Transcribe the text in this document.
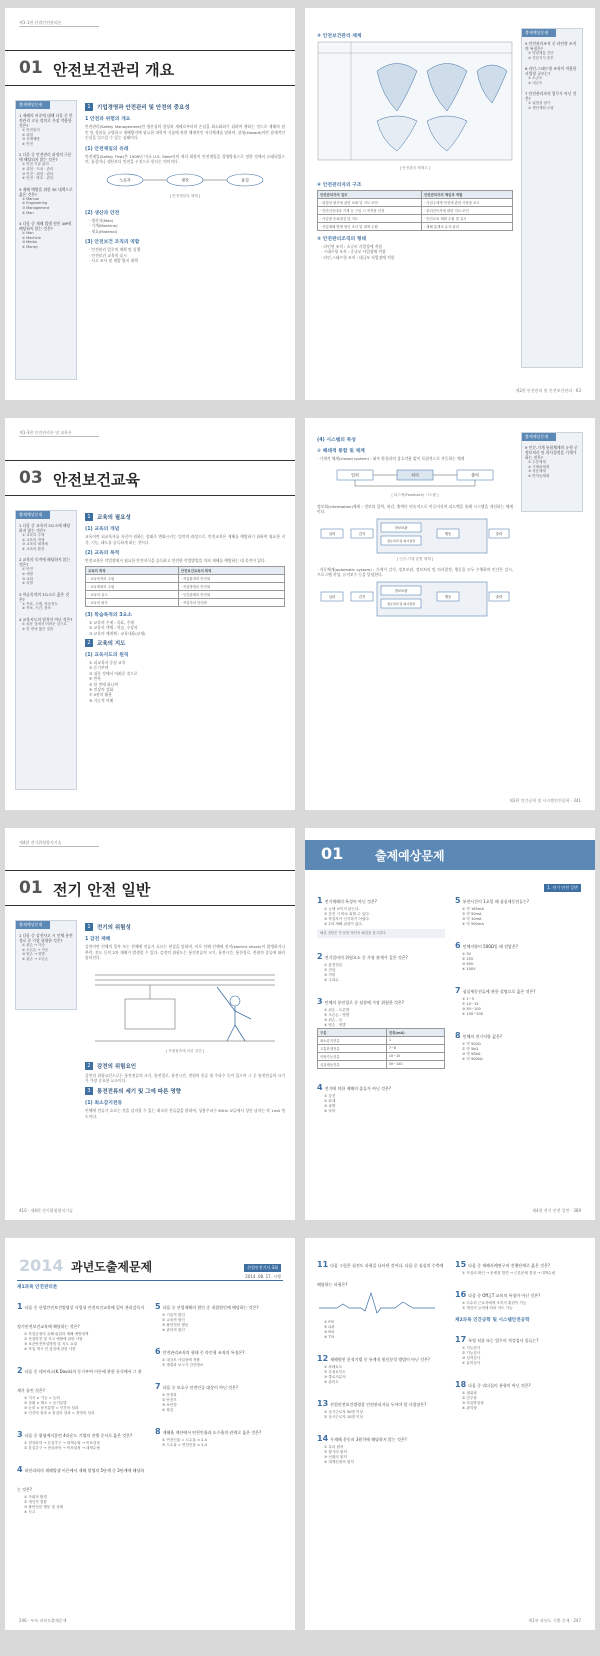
제1-1편 산업안전관리론
01 안전보건관리 개요
출제예상문제
1 재해의 비중에 대해 다음 중 안전관리 고유 정의로 가장 적합한 것은?
① 안전관리
② 위험
③ 산재예방
④ 안전
2 다음 중 안전관리 과정의 구분에 해당되지 않는 것은?
① 안전 기술 관리
② 위험 · 조치 · 관리
③ 안전 · 위험 · 관리
④ 안전 · 방호 · 관리
3 재해 예방을 위한 3E 대책으로 옳은 것은?
① Manual
② Engineering
③ Management
④ Man
4 다음 중 재해 발생 원인 4M에 해당하지 않는 것은?
① Man
② Machine
③ Media
④ Money
1	기업경영과 안전관리 및 안전의 중요성
1 안전과 위험의 개요
안전관리(Safety Management)란 생산성의 향상과 재해로부터의 손실을 최소화하기 위하여 행하는 것으로 재해의 원인 및 경과를 규명하고 재해방지에 필요한 과학적 기술에 관한 체계적인 지식체계를 말하며, 위험(Hazard)이란 잠재적인 손실을 일으킬 수 있는 상태이다.
(1) 안전제일의 유래
안전제일(Safety First)은 1906년 미국 U.S. Steel사의 게리 회장이 안전제일을 경영방침으로 정한 것에서 유래되었으며, 품질이나 생산보다 안전을 우선으로 한다는 의미이다.
노동자	생산	품질
[ 안전제일의 체계 ]
(2) 생산과 안전
· 생산자(Man)
· 기계(Machine)
· 재료(Material)
(3) 안전보건 조직의 역할
· 안전관리 업무의 계획 및 실행
· 안전보건 교육의 실시
· 사고 조사 및 재발 방지 대책
③ 안전보건관리 체계
[ 안전관리 체계도 ]
④ 안전관리자의 구조
안전관리자의 업무	안전관리자의 책임과 역할
· 위험성 평가에 관한 보좌 및 지도·조언	· 사업주에게 안전에 관한 사항을 보고
· 안전인증대상 기계 등 구입 시 적격품 선정	· 관리감독자에 대한 지도·조언
· 사업장 순회점검 및 지도	· 안전교육 계획 수립 및 실시
· 산업재해 발생 원인 조사 및 대책 수립	· 재해 통계의 유지·관리
⑤ 안전관리조직의 형태
· 라인형 조직 : 소규모 사업장에 적합
· 스태프형 조직 : 중규모 사업장에 적합
· 라인-스태프형 조직 : 대규모 사업장에 적합
출제예상문제
5 안전관리조직 중 라인형 조직의 특징은?
① 명령계통 간단
② 전문지식 풍부
6 라인-스태프형 조직이 적합한 사업장 규모는?
① 소규모
② 대규모
7 안전관리자의 업무가 아닌 것은?
① 위험성 평가
② 생산계획 수립
제2편 안전관리 및 안전보건관리 · 63
제1-3편 안전관리론 및 교육론
03 안전보건교육
출제예상문제
1 다음 중 교육의 3요소에 해당하지 않는 것은?
① 교육의 주체
② 교육의 객체
③ 교육의 매개체
④ 교육의 환경
2 교육의 목적에 해당하지 않는 것은?
① 안전
② 예방
③ 교화
④ 처벌
3 학습목적의 3요소로 옳은 것은?
① 목표, 주제, 학습정도
② 목표, 시간, 장소
4 교육지도의 원칙이 아닌 것은?
① 쉬운 것에서 어려운 것으로
② 한 번에 많은 것을
1	교육의 필요성
(1) 교육의 개념
교육이란 피교육자를 자신이 원하는 상태로 변화시키는 일련의 과정으로, 안전교육은 재해를 예방하기 위하여 필요한 지식, 기능, 태도를 습득하게 하는 것이다.
(2) 교육의 목적
안전교육은 작업장에서 필요한 안전지식을 습득하고 안전한 작업방법을 익혀 재해를 예방하는 데 목적이 있다.
교육의 목적	안전보건교육의 목적
· 교육목적의 수립	· 작업환경의 안전화
· 교육계획의 수립	· 작업방법의 안전화
· 교육의 실시	· 인간관계의 안전화
· 교육의 평가	· 작업자의 안전화
(3) 학습목적의 3요소
① 교육의 주제 : 목표, 주제
② 교육의 객체 : 학습, 수강자
③ 교육의 매개체 : 교육내용(교재)
2	교육의 지도
(1) 교육지도의 원칙
① 피교육자 중심 교육
② 동기부여
③ 쉬운 것에서 어려운 것으로
④ 반복
⑤ 한 번에 하나씩
⑥ 인상의 강화
⑦ 5관의 활용
⑧ 기능적 이해
(4) 시스템의 특성
① 폐쇄적 통합 및 체계
· 기계적 체계(closed system) : 외부 환경과의 상호작용 없이 독립적으로 작동하는 체계
입력	처리	출력
[ 피드백(Feedback) 시스템 ]
정보화(information)체계 : 정보의 입력, 처리, 출력이 연속적으로 이루어지며 피드백을 통해 시스템을 개선하는 체계이다.
입력	감지
정보보관
정보처리 및 의사결정
행동	출력
[ 인간-기계 통합 체계 ]
· 자동체계(automatic system) : 기계가 감지, 정보보관, 정보처리 및 의사결정, 행동을 모두 수행하며 인간은 감시, 프로그램 작성, 유지보수 등을 담당한다.
입력	감지
정보보관
정보처리 및 의사결정
행동	출력
출제예상문제
9 인간-기계 통합체계의 유형 중 정보처리 및 의사결정을 기계가 하는 것은?
① 수동체계
② 기계화체계
③ 자동체계
④ 반자동체계
제3편 인간공학 및 시스템안전공학 · 341
제4편 전기위험방지기술
01 전기 안전 일반
출제예상문제
1 다음 중 감전사고 시 인체 통전경로 중 가장 위험한 것은?
① 왼손 → 가슴
② 오른손 → 가슴
③ 양손 → 양발
④ 왼손 → 오른손
1	전기의 위험성
1 감전 재해
감전이란 인체의 일부 또는 전체에 전류가 흐르는 현상을 말하며, 이로 인해 인체에 전격(electric shock)이 발생하거나 추락, 전도 등의 2차 재해가 발생할 수 있다. 감전의 위험도는 통전전류의 크기, 통전시간, 통전경로, 전원의 종류에 따라 달라진다.
[ 직접접촉에 의한 감전 ]
2	감전의 위험요인
감전의 위험요인으로는 통전전류의 크기, 통전경로, 통전시간, 전원의 종류 및 주파수 등이 있으며 그 중 통전전류의 크기가 가장 중요한 요소이다.
3	통전전류의 세기 및 그에 따른 영향
(1) 최소감지전류
인체에 전류가 흐르는 것을 감지할 수 있는 최소의 전류값을 말하며, 상용주파수 60Hz 교류에서 성인 남자는 약 1mA 정도이다.
410 · 제4편 전기위험방지기술
01	출제예상문제
1. 전기 안전 일반
1 전기재해의 특성이 아닌 것은?
① 눈에 보이지 않는다.
② 감전 시 바로 피할 수 있다.
③ 작업자가 인식하기 어렵다.
④ 2차 재해 위험이 있다.
해설 정답은 각 문항 하단의 해설을 참고한다.
2 전기설비의 위험요소 중 가장 관계가 깊은 것은?
① 통전전류
② 전압
③ 저항
④ 주파수
3 인체의 통전경로 중 심장에 가장 위험한 것은?
① 왼손 - 오른발
② 오른손 - 양발
③ 왼손 - 등
④ 양손 - 양발
구분	전류(mA)
최소감지전류	1
고통한계전류	7~8
이탈가능전류	10~15
심실세동전류	50~100
4 전기에 의한 재해의 종류가 아닌 것은?
① 감전
② 화재
③ 폭발
④ 낙하
5 통전시간이 1초일 때 심실세동전류는?
① 약 165mA
② 약 50mA
③ 약 10mA
④ 약 500mA
6 인체저항이 500Ω일 때 전압은?
① 5V
② 25V
③ 50V
④ 100V
7 심실세동전류에 관한 설명으로 옳은 것은?
① 1~5
② 10~15
③ 50~100
④ 150~200
8 인체의 전기저항 값은?
① 약 500Ω
② 약 5kΩ
③ 약 50kΩ
④ 약 500kΩ
제4편 전기 안전 일반 · 389
2014 과년도출제문제	산업안전기사 3회
2014. 08. 17. 시행
제1과목 안전관리론
1 다음 중 산업안전보건법령상 사업내 안전보건교육에 있어 관리감독자 정기안전보건교육에 해당하는 것은?
① 작업공정의 유해·위험과 재해 예방대책
② 산업안전 및 사고 예방에 관한 사항
③ 표준안전작업방법 및 지도 요령
④ 작업 개시 전 점검에 관한 사항
2 다음 중 데이비스(K.Davis)의 동기부여 이론에 관한 등식에서 그 관계가 틀린 것은?
① 지식 × 기능 = 능력
② 상황 × 태도 = 동기유발
③ 능력 × 동기유발 = 인간의 성과
④ 인간의 성과 × 물질의 성과 = 경영의 성과
3 다음 중 위험예지훈련 4라운드 기법의 진행 순서로 옳은 것은?
① 현상파악 → 본질추구 → 대책수립 → 목표설정
② 본질추구 → 현상파악 → 목표설정 → 대책수립
4 하인리히의 재해발생 이론에서 재해 발생의 5단계 중 3단계에 해당하는 것은?
① 사회적 환경
② 개인적 결함
③ 불안전한 행동 및 상태
④ 사고
5 다음 중 산업재해의 원인 중 직접원인에 해당하는 것은?
① 기술적 원인
② 교육적 원인
③ 불안전한 행동
④ 관리적 원인
6 안전관리조직의 형태 중 라인형 조직의 특징은?
① 대규모 사업장에 적합
② 명령과 보고가 간단명료
7 다음 중 보호구 안전인증 대상이 아닌 것은?
① 안전화
② 안전모
③ 보안경
④ 장갑
8 재해율 계산에서 연천인율과 도수율의 관계로 옳은 것은?
① 연천인율 = 도수율 × 2.4
② 도수율 = 연천인율 × 2.4
246 · 부록 과년도출제문제
11 다음 그림은 심전도 파형을 나타낸 것이다. 다음 중 심실의 수축에 해당하는 파형은?
① P파
② Q파
③ R파
④ T파
12 재해원인 분석기법 중 통계적 원인분석 방법이 아닌 것은?
① 파레토도
② 특성요인도
③ 클로즈분석
④ 관리도
13 산업안전보건법령상 안전관리자를 두어야 할 사업장은?
① 상시근로자 50명 이상
② 상시근로자 10명 이상
14 무재해 운동의 3원칙에 해당하지 않는 것은?
① 무의 원칙
② 참가의 원칙
③ 선취의 원칙
④ 대책선정의 원칙
15 다음 중 재해사례연구의 진행단계로 옳은 것은?
① 사실의 확인 → 문제점 발견 → 근본문제 결정 → 대책수립
16 다음 중 Off.J.T 교육의 특징이 아닌 것은?
① 다수의 근로자에게 조직적 훈련이 가능
② 개인의 능력에 따라 지도 가능
제2과목 인간공학 및 시스템안전공학
17 특정 직종 또는 업무의 적성검사 종류는?
① 지능검사
② 기능검사
③ 성격검사
④ 흥미검사
18 다음 중 리더십의 유형이 아닌 것은?
① 권위형
② 민주형
③ 자유방임형
④ 관리형
제1부 과년도 기출 문제 · 247
